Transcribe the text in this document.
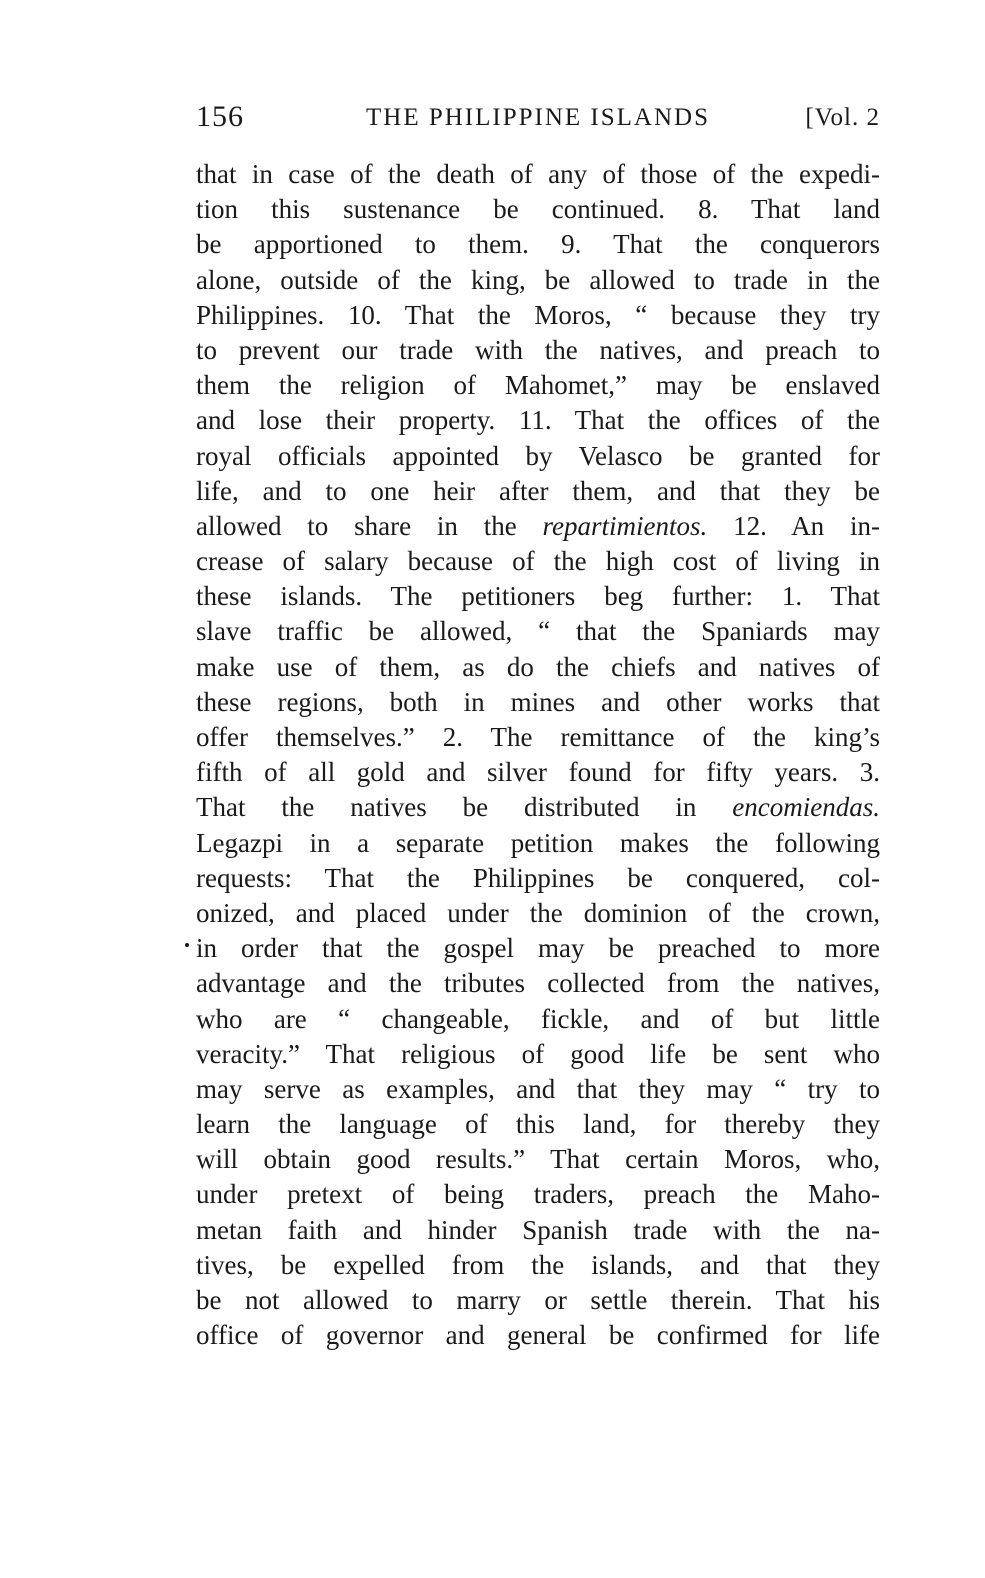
156	THE PHILIPPINE ISLANDS	[Vol. 2
that in case of the death of any of those of the expedi-
tion this sustenance be continued. 8. That land
be apportioned to them. 9. That the conquerors
alone, outside of the king, be allowed to trade in the
Philippines. 10. That the Moros, “ because they try
to prevent our trade with the natives, and preach to
them the religion of Mahomet,” may be enslaved
and lose their property. 11. That the offices of the
royal officials appointed by Velasco be granted for
life, and to one heir after them, and that they be
allowed to share in the repartimientos. 12. An in-
crease of salary because of the high cost of living in
these islands. The petitioners beg further: 1. That
slave traffic be allowed, “ that the Spaniards may
make use of them, as do the chiefs and natives of
these regions, both in mines and other works that
offer themselves.” 2. The remittance of the king’s
fifth of all gold and silver found for fifty years. 3.
That the natives be distributed in encomiendas.
Legazpi in a separate petition makes the following
requests: That the Philippines be conquered, col-
onized, and placed under the dominion of the crown,
in order that the gospel may be preached to more
advantage and the tributes collected from the natives,
who are “ changeable, fickle, and of but little
veracity.” That religious of good life be sent who
may serve as examples, and that they may “ try to
learn the language of this land, for thereby they
will obtain good results.” That certain Moros, who,
under pretext of being traders, preach the Maho-
metan faith and hinder Spanish trade with the na-
tives, be expelled from the islands, and that they
be not allowed to marry or settle therein. That his
office of governor and general be confirmed for life
